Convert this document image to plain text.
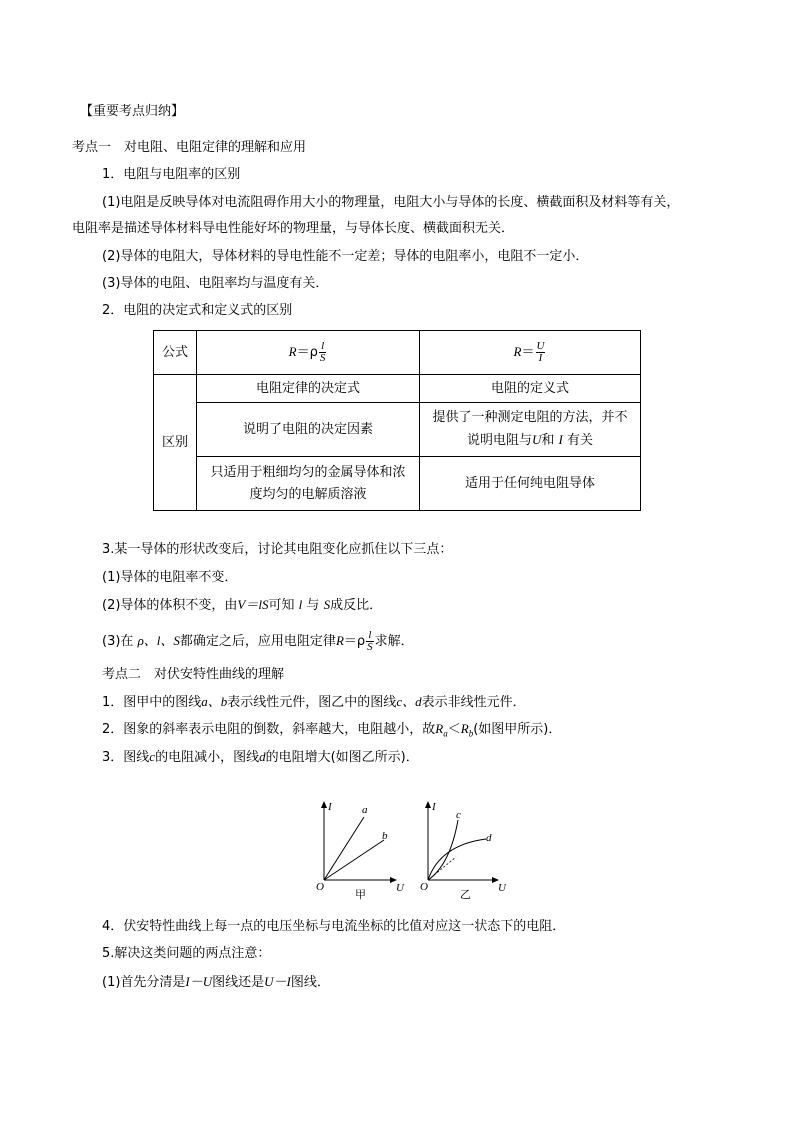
【重要考点归纳】
考点一　对电阻、电阻定律的理解和应用
1．电阻与电阻率的区别
(1)电阻是反映导体对电流阻碍作用大小的物理量，电阻大小与导体的长度、横截面积及材料等有关，
电阻率是描述导体材料导电性能好坏的物理量，与导体长度、横截面积无关．
(2)导体的电阻大，导体材料的导电性能不一定差；导体的电阻率小，电阻不一定小．
(3)导体的电阻、电阻率均与温度有关．
2．电阻的决定式和定义式的区别
公式	$R=\rho \frac{l}{S}$	$R= \frac{U}{I}$

区别	电阻定律的决定式	电阻的定义式
	说明了电阻的决定因素	提供了一种测定电阻的方法，并不
说明电阻与U和 I 有关
	只适用于粗细均匀的金属导体和浓
度均匀的电解质溶液	适用于任何纯电阻导体
3.某一导体的形状改变后，讨论其电阻变化应抓住以下三点：
(1)导体的电阻率不变．
(2)导体的体积不变，由V＝lS可知 l 与 S成反比．
(3)在 ρ、l、S都确定之后，应用电阻定律$R=\rho \frac{l}{S}$ 求解．
考点二　对伏安特性曲线的理解
1．图甲中的图线a、b表示线性元件，图乙中的图线c、d表示非线性元件．
2．图象的斜率表示电阻的倒数，斜率越大，电阻越小，故$R_a<R_b$(如图甲所示)．
3．图线c的电阻减小，图线d的电阻增大(如图乙所示)．
I
U
O
a
b
甲
I
U
O
c
d
乙
4．伏安特性曲线上每一点的电压坐标与电流坐标的比值对应这一状态下的电阻．
5.解决这类问题的两点注意：
(1)首先分清是I－U图线还是U－I图线．
